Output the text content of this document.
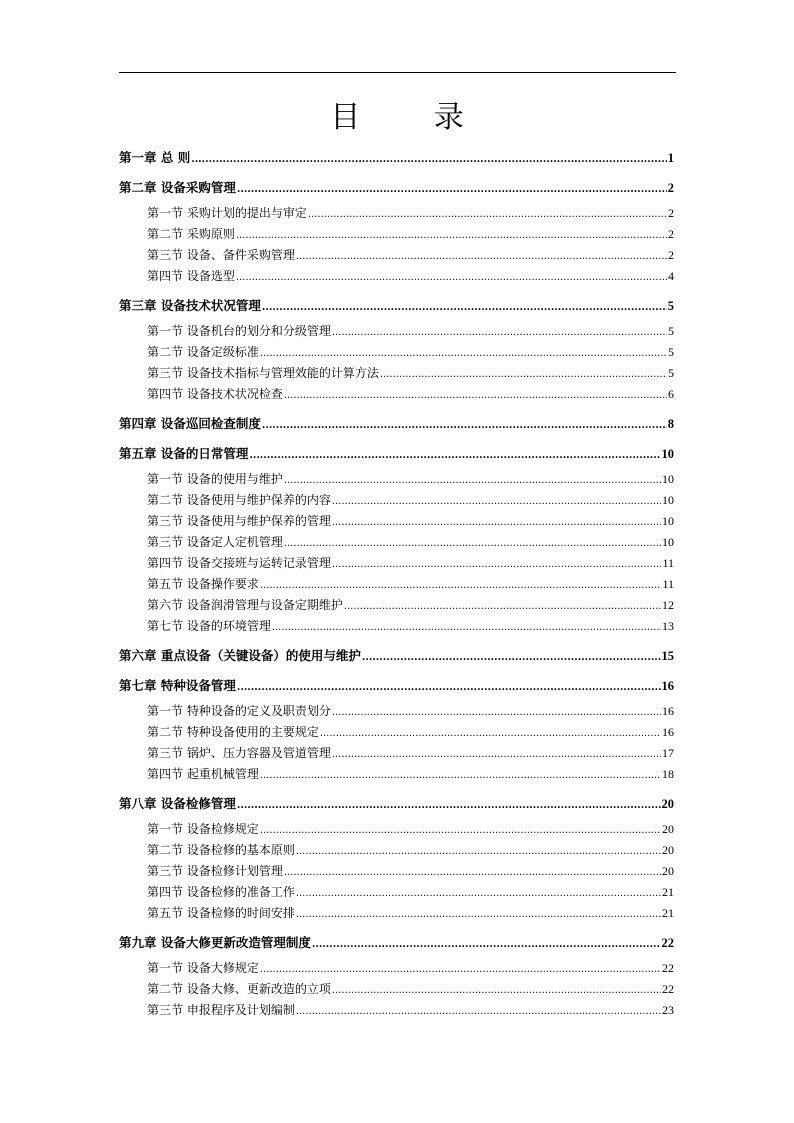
目 录
第一章 总 则 .....	1
第二章 设备采购管理 .....	2
第一节 采购计划的提出与审定 .....	2
第二节 采购原则 .....	2
第三节 设备、备件采购管理 .....	2
第四节 设备选型 .....	4
第三章 设备技术状况管理 .....	5
第一节 设备机台的划分和分级管理 .....	5
第二节 设备定级标准 .....	5
第三节 设备技术指标与管理效能的计算方法 .....	5
第四节 设备技术状况检查 .....	6
第四章 设备巡回检查制度 .....	8
第五章 设备的日常管理 .....	10
第一节 设备的使用与维护 .....	10
第二节 设备使用与维护保养的内容 .....	10
第三节 设备使用与维护保养的管理 .....	10
第三节 设备定人定机管理 .....	10
第四节 设备交接班与运转记录管理 .....	11
第五节 设备操作要求 .....	11
第六节 设备润滑管理与设备定期维护 .....	12
第七节 设备的环境管理 .....	13
第六章 重点设备（关键设备）的使用与维护 .....	15
第七章 特种设备管理 .....	16
第一节 特种设备的定义及职责划分 .....	16
第二节 特种设备使用的主要规定 .....	16
第三节 锅炉、压力容器及管道管理 .....	17
第四节 起重机械管理 .....	18
第八章 设备检修管理 .....	20
第一节 设备检修规定 .....	20
第二节 设备检修的基本原则 .....	20
第三节 设备检修计划管理 .....	20
第四节 设备检修的准备工作 .....	21
第五节 设备检修的时间安排 .....	21
第九章 设备大修更新改造管理制度 .....	22
第一节 设备大修规定 .....	22
第二节 设备大修、更新改造的立项 .....	22
第三节 申报程序及计划编制 .....	23
